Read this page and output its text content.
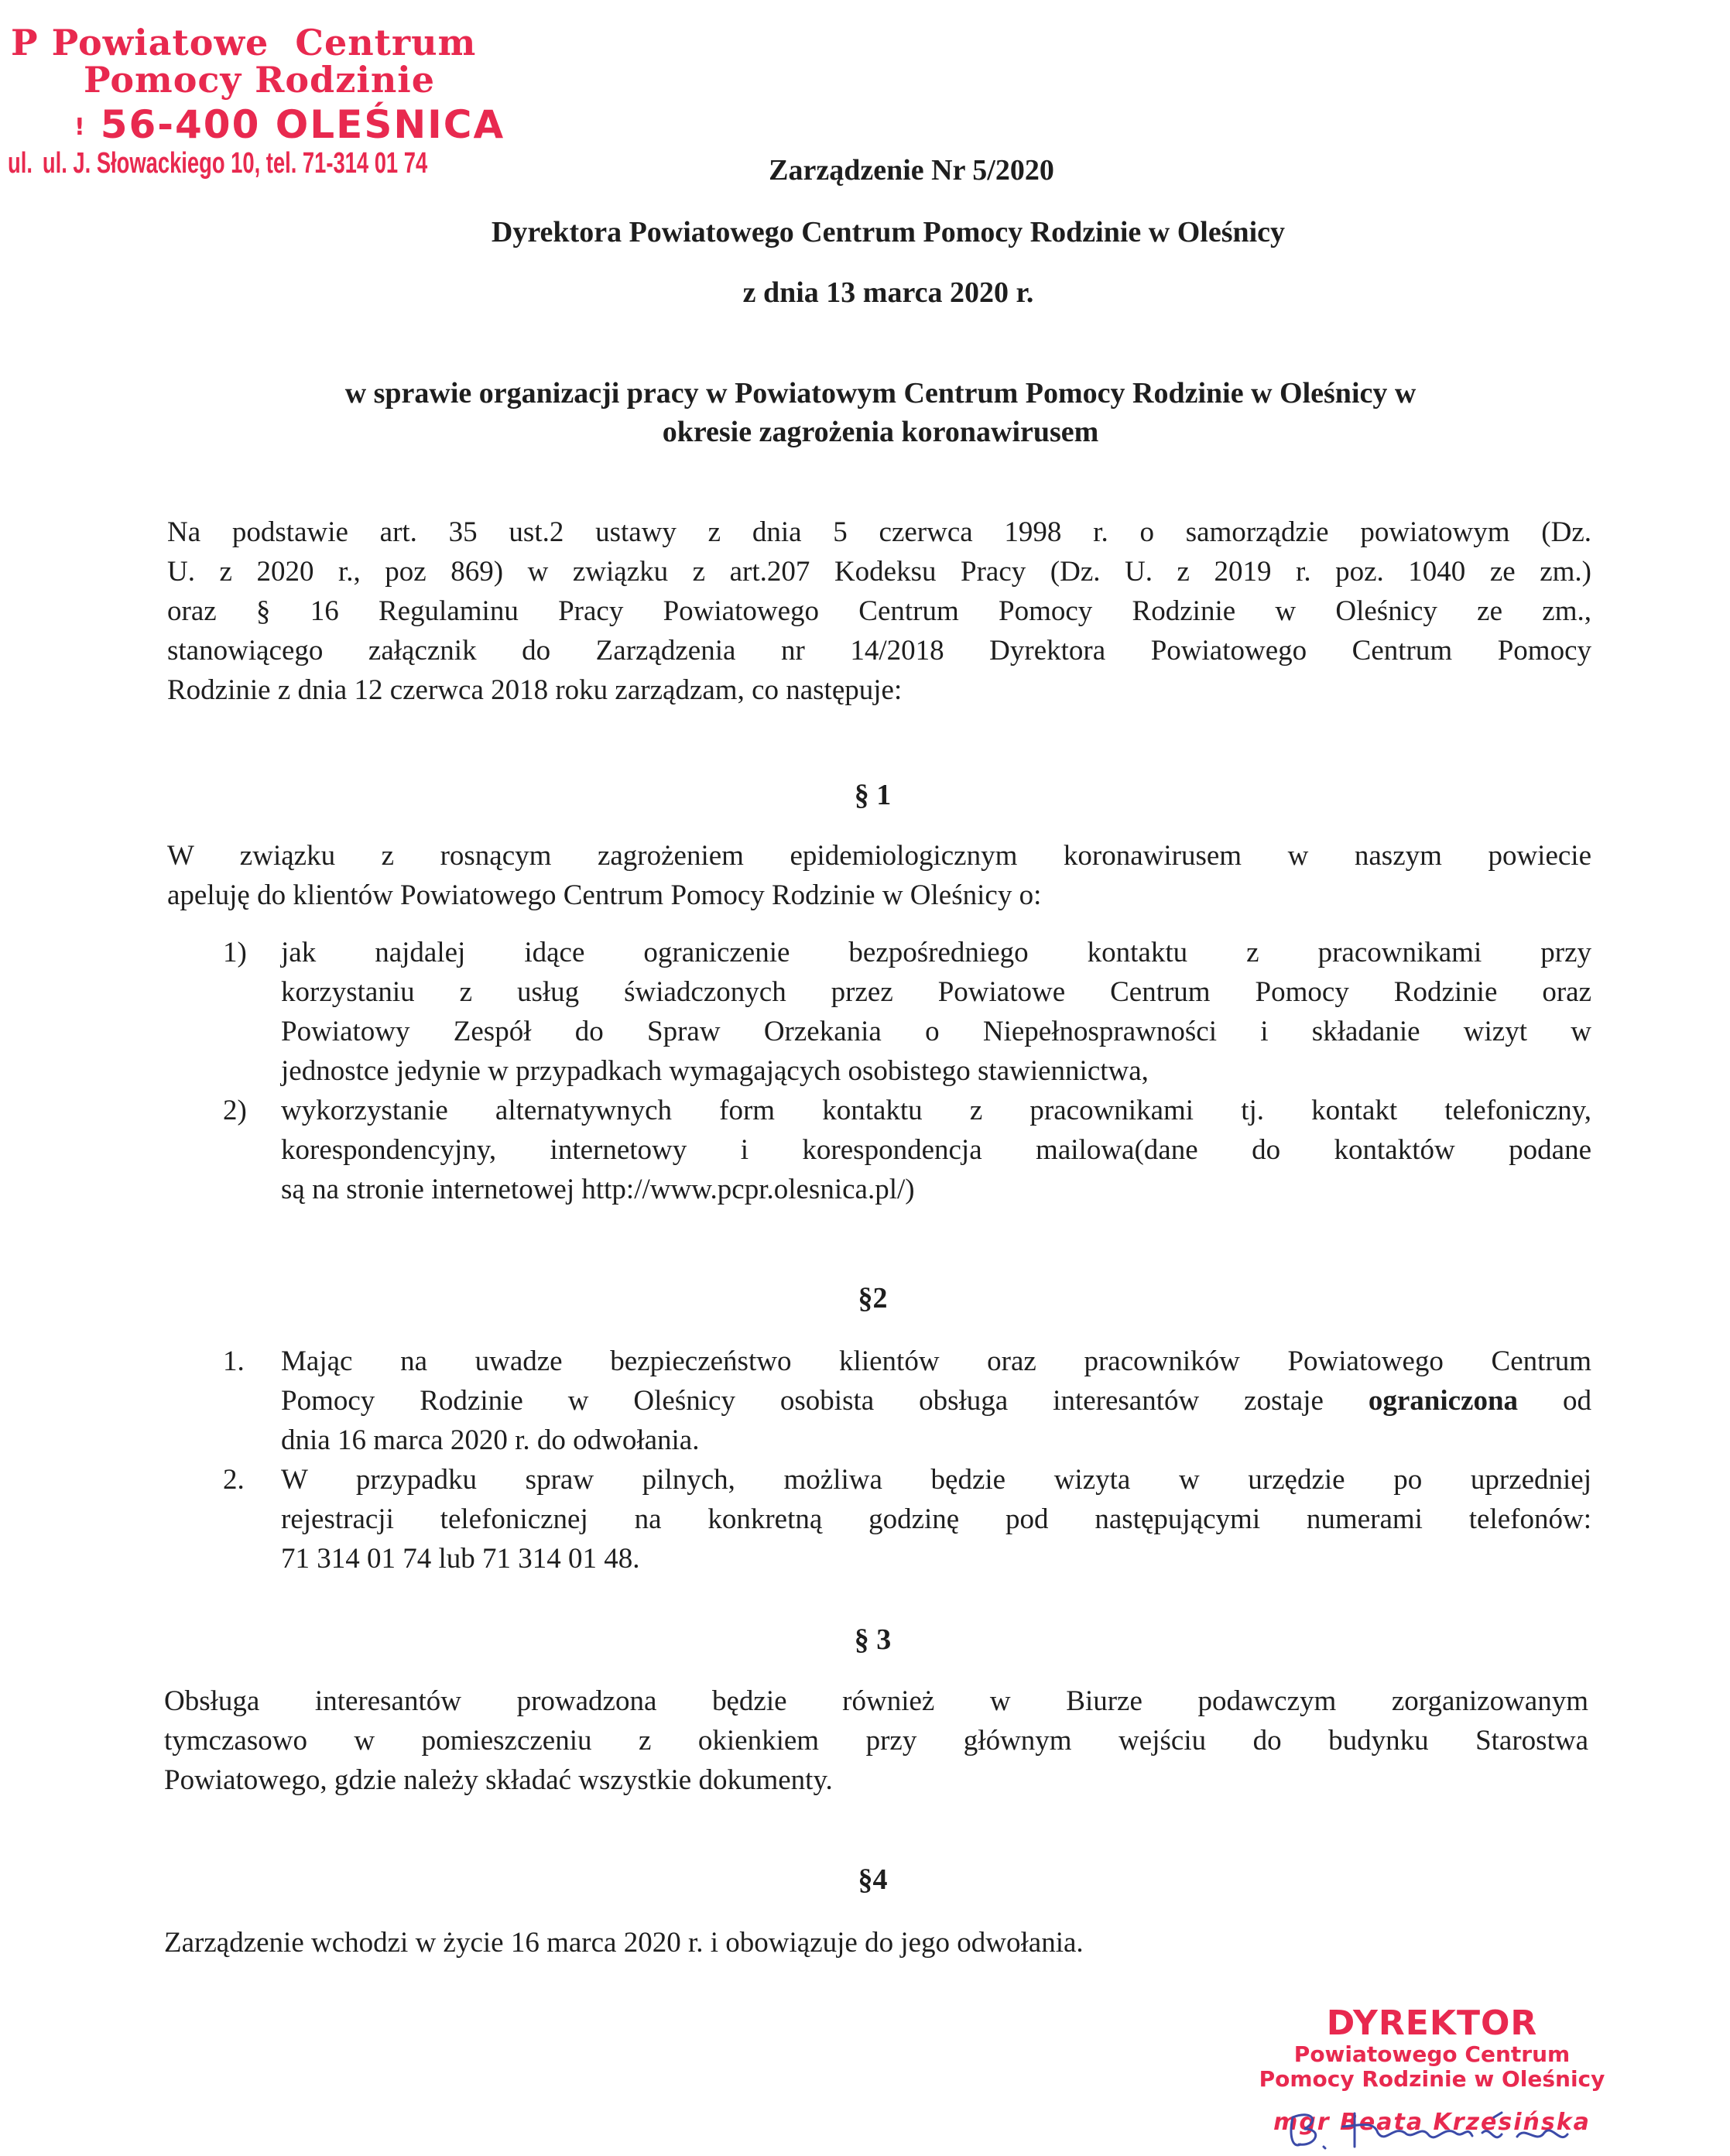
P Powiatowe  Centrum
Pomocy Rodzinie
! 56-400 OLEŚNICA
ul. ul. J. Słowackiego 10, tel. 71-314 01 74	Zarządzenie Nr 5/2020
Dyrektora Powiatowego Centrum Pomocy Rodzinie w Oleśnicy
z dnia 13 marca 2020 r.
w sprawie organizacji pracy w Powiatowym Centrum Pomocy Rodzinie w Oleśnicy w
okresie zagrożenia koronawirusem
Na podstawie art. 35 ust.2 ustawy z dnia 5 czerwca 1998 r. o samorządzie powiatowym (Dz.
U. z 2020 r., poz 869) w związku z art.207 Kodeksu Pracy (Dz. U. z 2019 r. poz. 1040 ze zm.)
oraz § 16 Regulaminu Pracy Powiatowego Centrum Pomocy Rodzinie w Oleśnicy ze zm.,
stanowiącego załącznik do Zarządzenia nr 14/2018 Dyrektora Powiatowego Centrum Pomocy
Rodzinie z dnia 12 czerwca 2018 roku zarządzam, co następuje:
§ 1
W związku z rosnącym zagrożeniem epidemiologicznym koronawirusem w naszym powiecie
apeluję do klientów Powiatowego Centrum Pomocy Rodzinie w Oleśnicy o:
1) jak najdalej idące ograniczenie bezpośredniego kontaktu z pracownikami przy
korzystaniu z usług świadczonych przez Powiatowe Centrum Pomocy Rodzinie oraz
Powiatowy Zespół do Spraw Orzekania o Niepełnosprawności i składanie wizyt w
jednostce jedynie w przypadkach wymagających osobistego stawiennictwa,
2) wykorzystanie alternatywnych form kontaktu z pracownikami tj. kontakt telefoniczny,
korespondencyjny, internetowy i korespondencja mailowa(dane do kontaktów podane
są na stronie internetowej http://www.pcpr.olesnica.pl/)
§2
1. Mając na uwadze bezpieczeństwo klientów oraz pracowników Powiatowego Centrum
Pomocy Rodzinie w Oleśnicy osobista obsługa interesantów zostaje ograniczona od
dnia 16 marca 2020 r. do odwołania.
2. W przypadku spraw pilnych, możliwa będzie wizyta w urzędzie po uprzedniej
rejestracji telefonicznej na konkretną godzinę pod następującymi numerami telefonów:
71 314 01 74 lub 71 314 01 48.
§ 3
Obsługa interesantów prowadzona będzie również w Biurze podawczym zorganizowanym
tymczasowo w pomieszczeniu z okienkiem przy głównym wejściu do budynku Starostwa
Powiatowego, gdzie należy składać wszystkie dokumenty.
§4
Zarządzenie wchodzi w życie 16 marca 2020 r. i obowiązuje do jego odwołania.
DYREKTOR
Powiatowego Centrum
Pomocy Rodzinie w Oleśnicy
mgr Beata Krzesińska
